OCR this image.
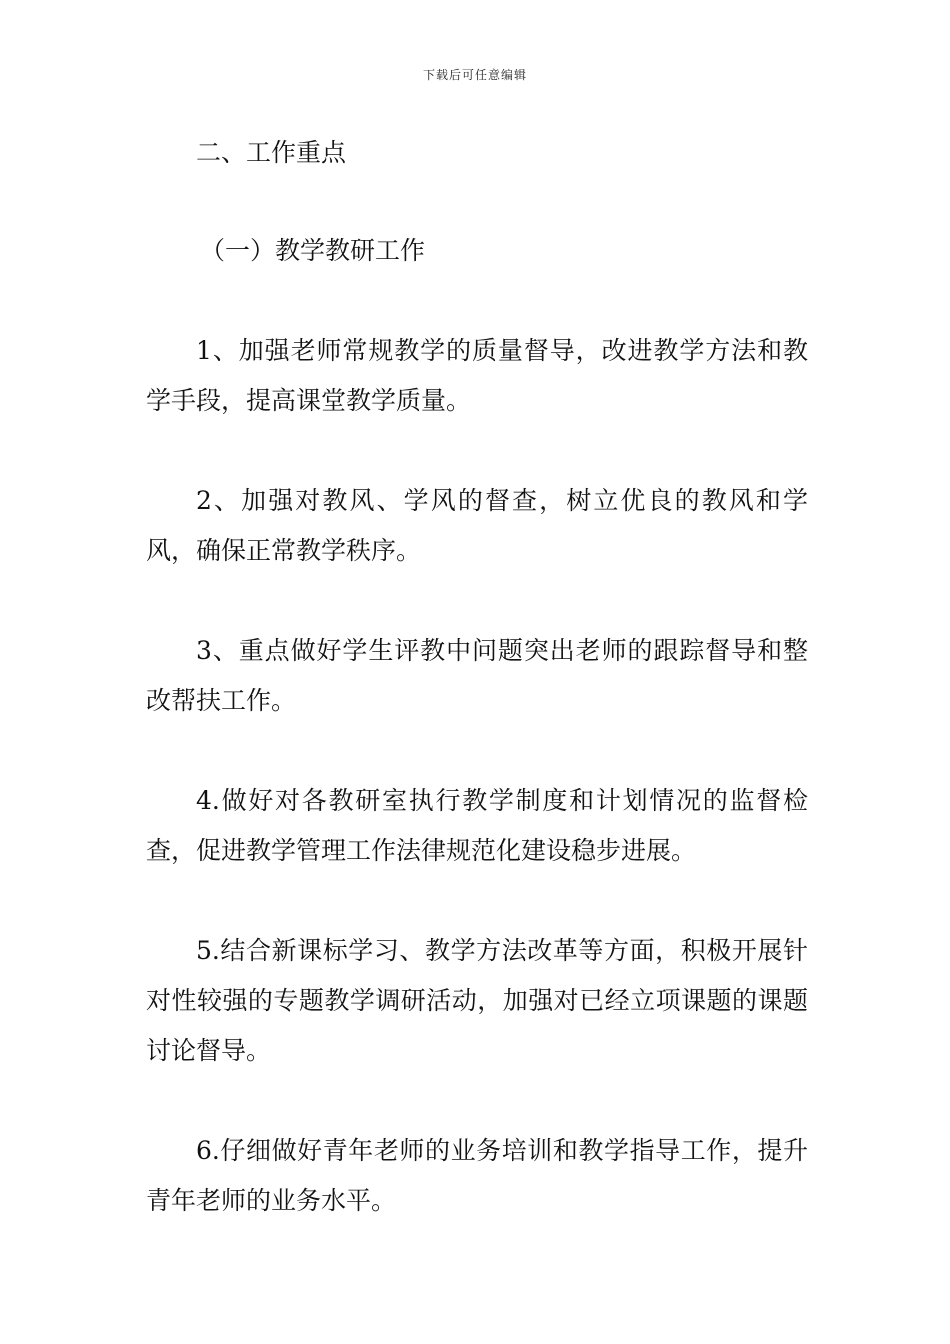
下载后可任意编辑

二、工作重点

（一）教学教研工作

1、加强老师常规教学的质量督导，改进教学方法和教学手段，提高课堂教学质量。

2、加强对教风、学风的督查，树立优良的教风和学风，确保正常教学秩序。

3、重点做好学生评教中问题突出老师的跟踪督导和整改帮扶工作。

4.做好对各教研室执行教学制度和计划情况的监督检查，促进教学管理工作法律规范化建设稳步进展。

5.结合新课标学习、教学方法改革等方面，积极开展针对性较强的专题教学调研活动，加强对已经立项课题的课题讨论督导。

6.仔细做好青年老师的业务培训和教学指导工作，提升青年老师的业务水平。
